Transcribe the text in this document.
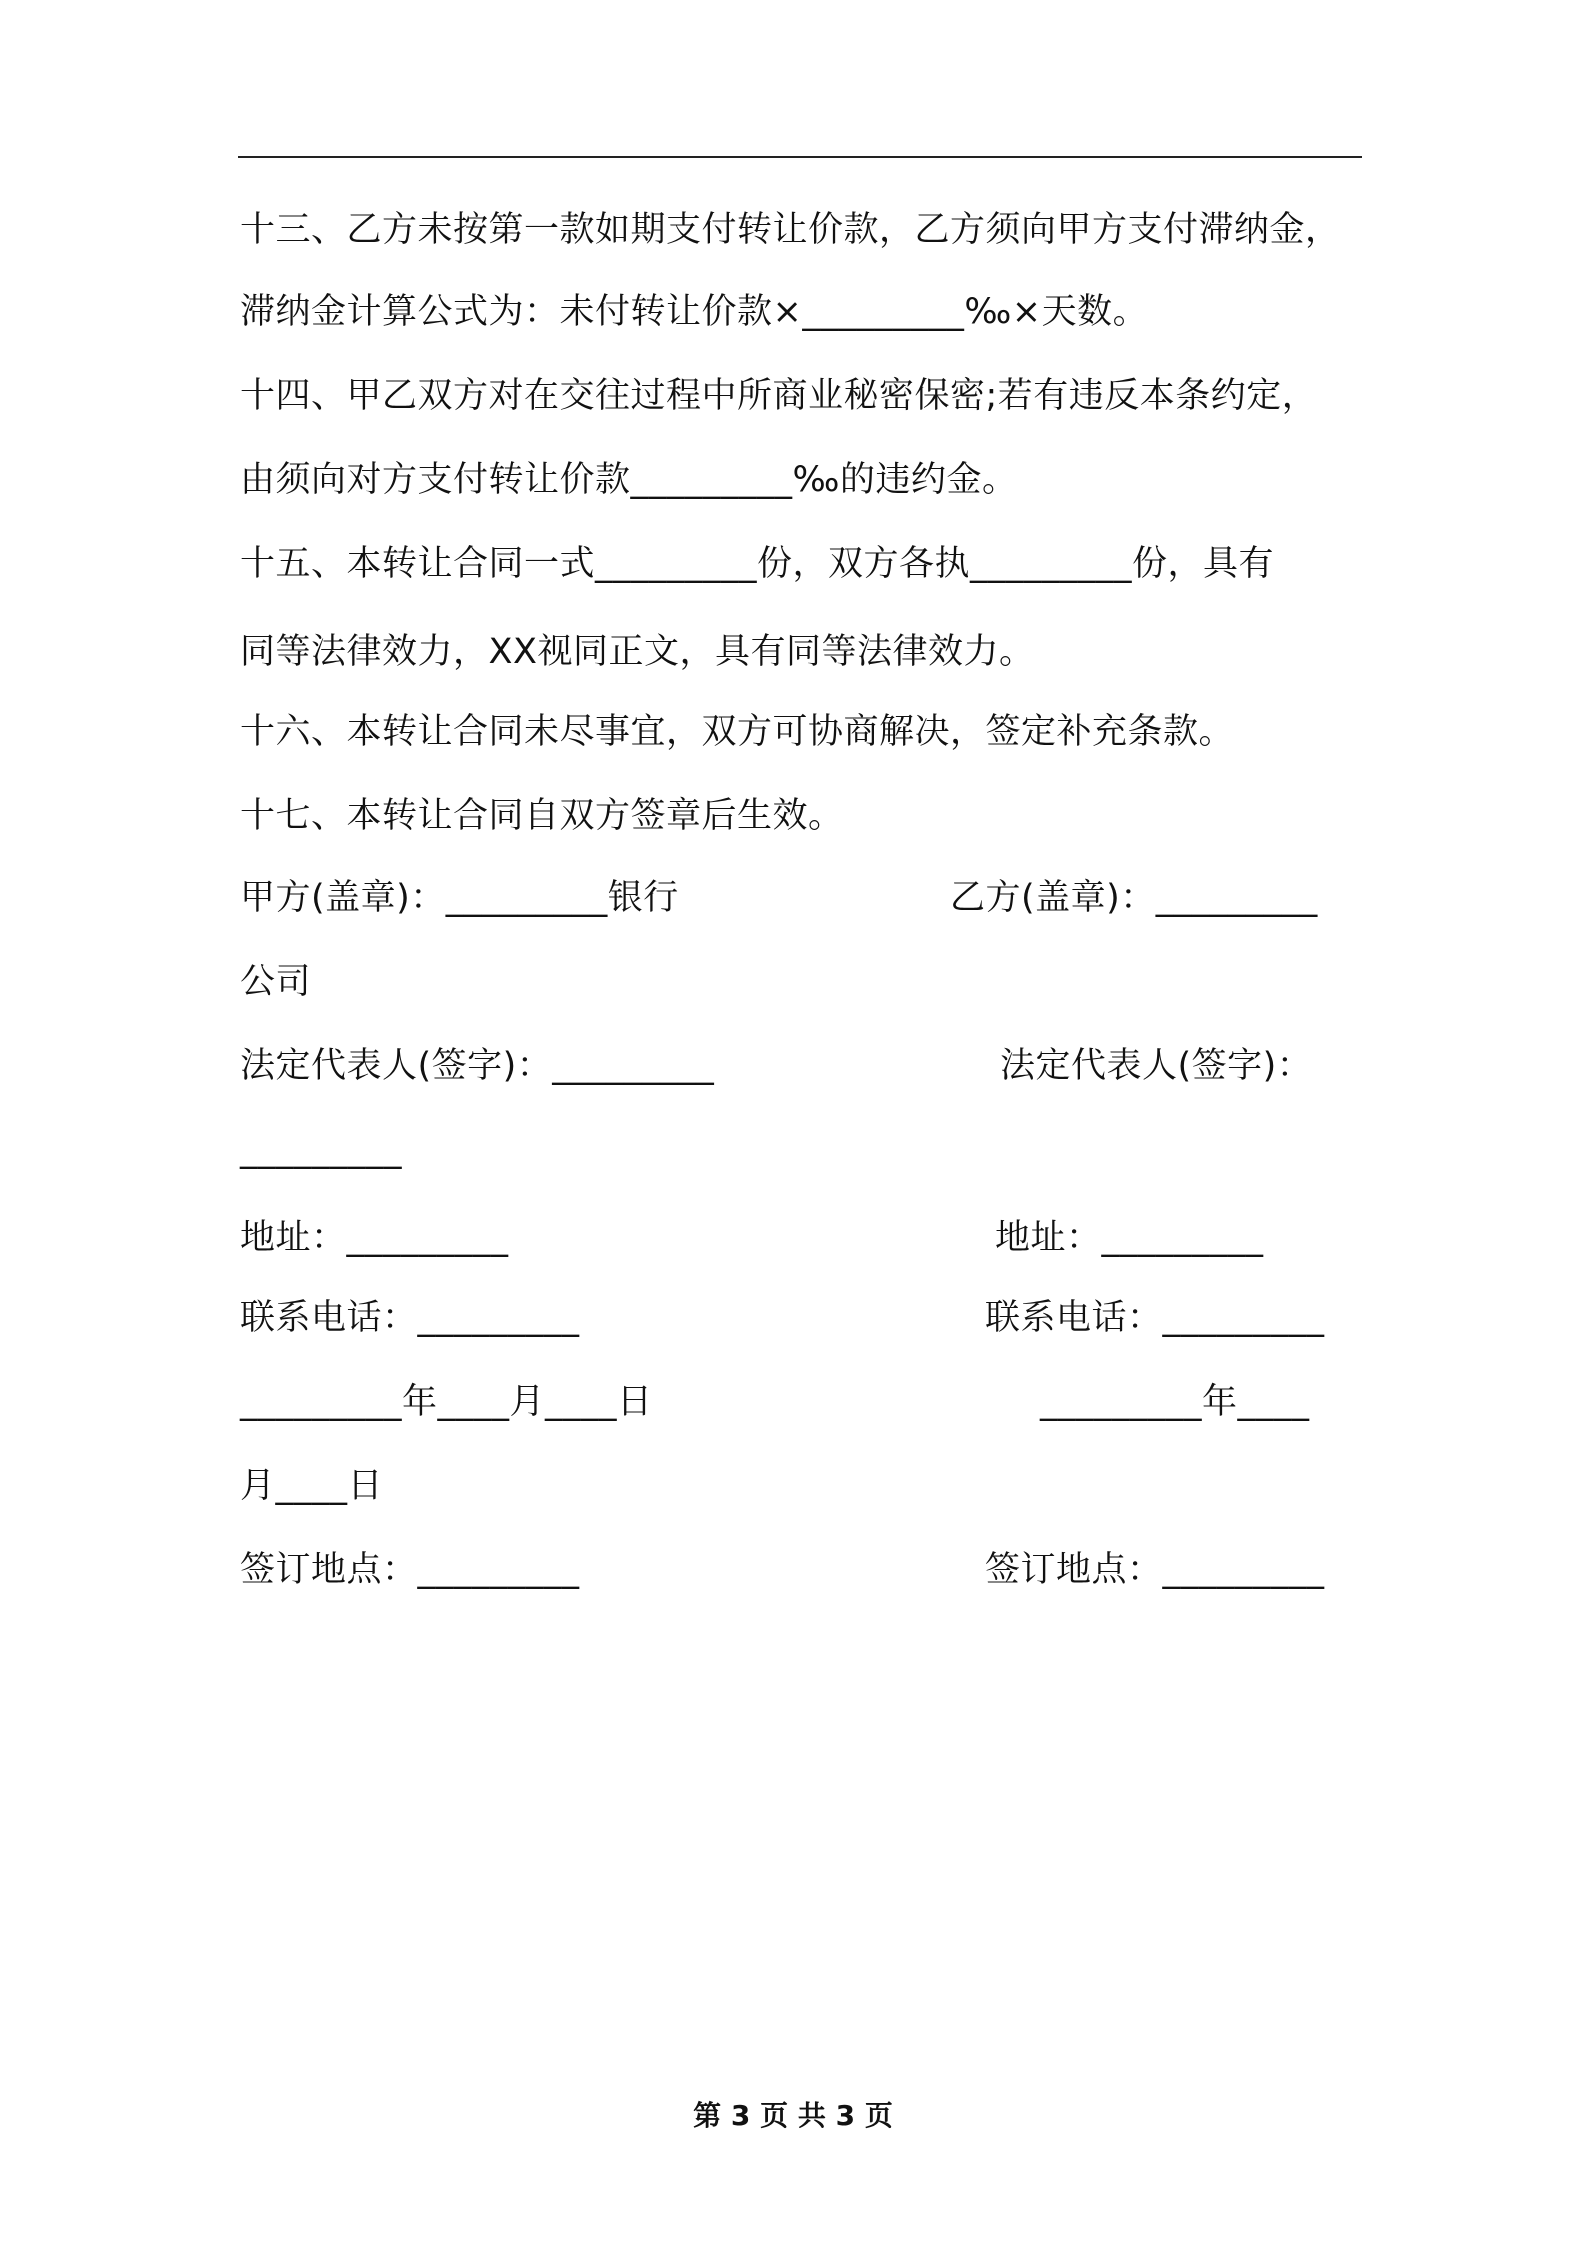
十三、乙方未按第一款如期支付转让价款，乙方须向甲方支付滞纳金，
滞纳金计算公式为：未付转让价款×_________‰×天数。
十四、甲乙双方对在交往过程中所商业秘密保密;若有违反本条约定，
由须向对方支付转让价款_________‰的违约金。
十五、本转让合同一式_________份，双方各执_________份，具有
同等法律效力，XX视同正文，具有同等法律效力。
十六、本转让合同未尽事宜，双方可协商解决，签定补充条款。
十七、本转让合同自双方签章后生效。
甲方(盖章)：_________银行
法定代表人(签字)：_________
地址：_________
联系电话：_________
_________年____月____日
签订地点：_________
乙方(盖章)：_________
公司
法定代表人(签字)：
_________
地址：_________
联系电话：_________
_________年____
月____日
签订地点：_________
第 3 页 共 3 页
